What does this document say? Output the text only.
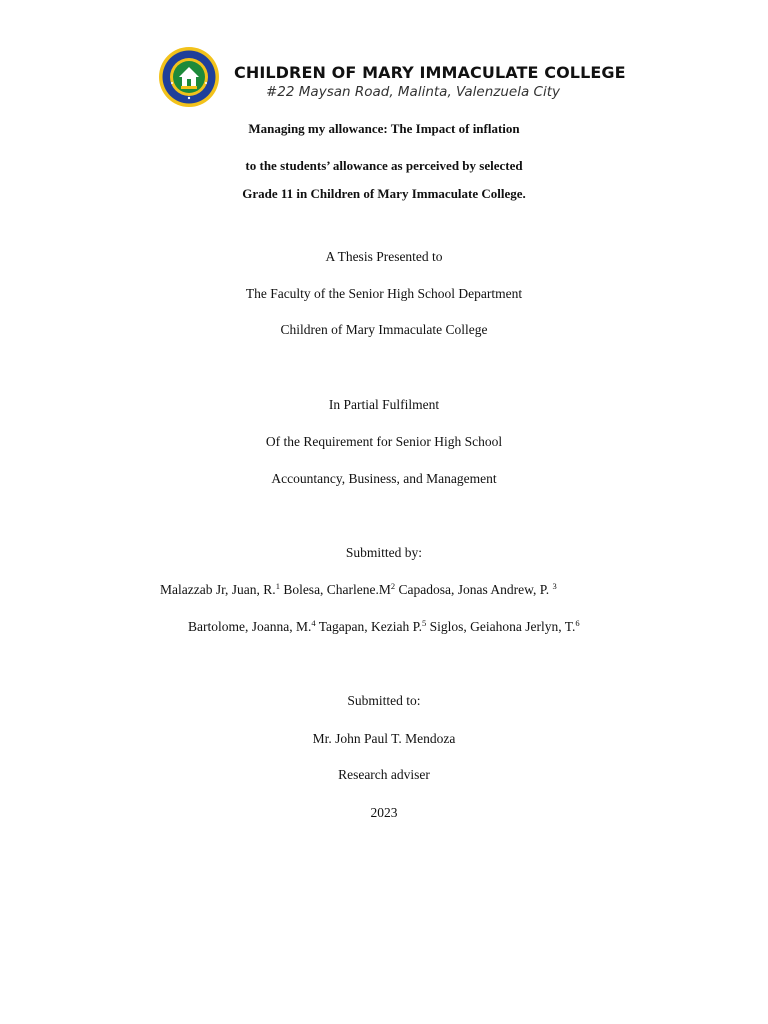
CHILDREN OF MARY IMMACULATE COLLEGE
#22 Maysan Road, Malinta, Valenzuela City
Managing my allowance: The Impact of inflation
to the students’ allowance as perceived by selected
Grade 11 in Children of Mary Immaculate College.
A Thesis Presented to
The Faculty of the Senior High School Department
Children of Mary Immaculate College
In Partial Fulfilment
Of the Requirement for Senior High School
Accountancy, Business, and Management
Submitted by:
Malazzab Jr, Juan, R.$^1$ Bolesa, $Charlene.M^2$ Capadosa, Jonas Andrew, P. $^3$
Bartolome, Joanna, M.$^4$ Tagapan, Keziah P.$^5$ Siglos, Geiahona Jerlyn, T.$^6$
Submitted to:
Mr. John Paul T. Mendoza
Research adviser
2023
